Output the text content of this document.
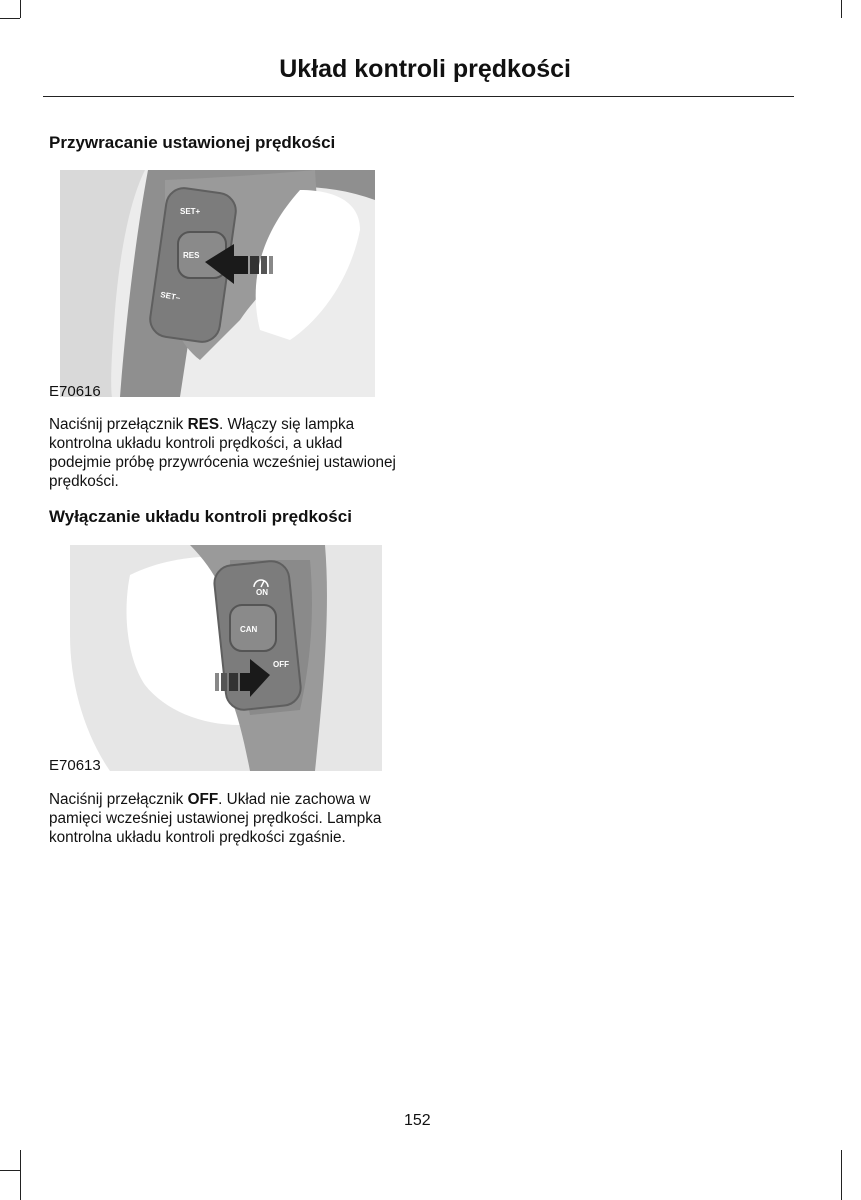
Układ kontroli prędkości
Przywracanie ustawionej prędkości
SET+
RES
SET–
E70616

Naciśnij przełącznik RES. Włączy się lampka kontrolna układu kontroli prędkości, a układ podejmie próbę przywrócenia wcześniej ustawionej prędkości.

Wyłączanie układu kontroli prędkości
ON
CAN
OFF
E70613

Naciśnij przełącznik OFF. Układ nie zachowa w pamięci wcześniej ustawionej prędkości. Lampka kontrolna układu kontroli prędkości zgaśnie.

152
